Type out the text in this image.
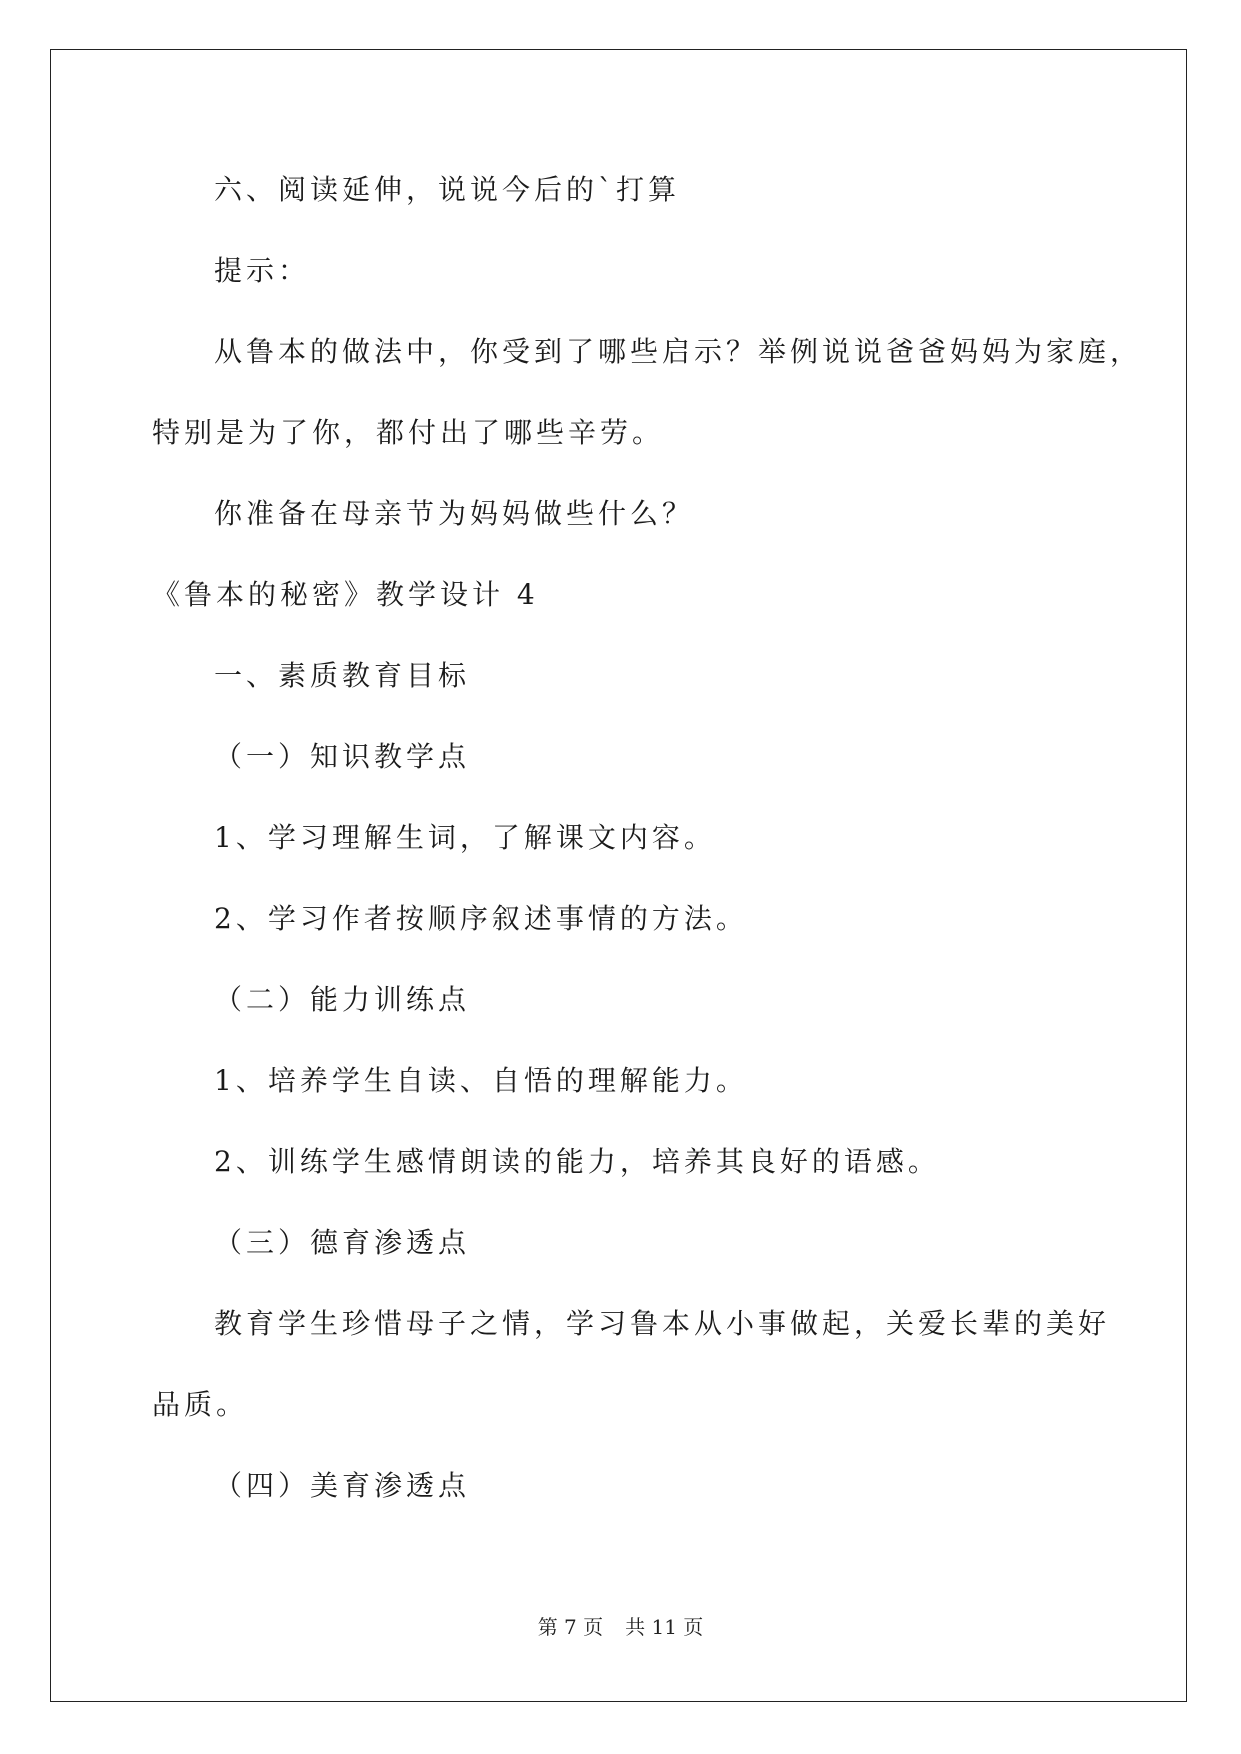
六、阅读延伸，说说今后的`打算
提示：
从鲁本的做法中，你受到了哪些启示？举例说说爸爸妈妈为家庭，
特别是为了你，都付出了哪些辛劳。
你准备在母亲节为妈妈做些什么？
《鲁本的秘密》教学设计 4
一、素质教育目标
（一）知识教学点
1、学习理解生词，了解课文内容。
2、学习作者按顺序叙述事情的方法。
（二）能力训练点
1、培养学生自读、自悟的理解能力。
2、训练学生感情朗读的能力，培养其良好的语感。
（三）德育渗透点
教育学生珍惜母子之情，学习鲁本从小事做起，关爱长辈的美好
品质。
（四）美育渗透点
第 7 页 共 11 页
